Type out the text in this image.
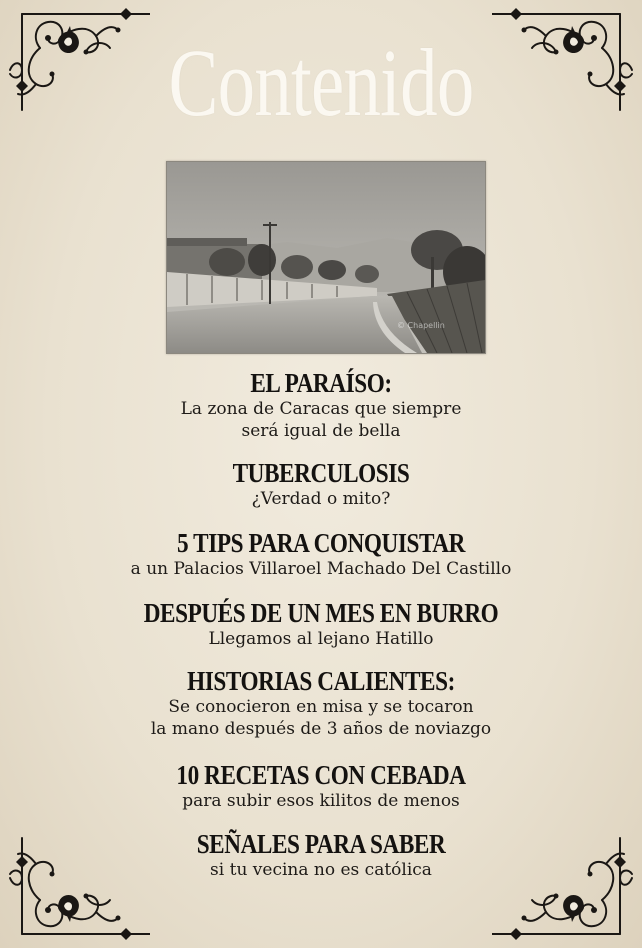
Contenido
© Chapellin
EL PARAÍSO:
La zona de Caracas que siempre
será igual de bella
TUBERCULOSIS
¿Verdad o mito?
5 TIPS PARA CONQUISTAR
a un Palacios Villaroel Machado Del Castillo
DESPUÉS DE UN MES EN BURRO
Llegamos al lejano Hatillo
HISTORIAS CALIENTES:
Se conocieron en misa y se tocaron
la mano después de 3 años de noviazgo
10 RECETAS CON CEBADA
para subir esos kilitos de menos
SEÑALES PARA SABER
si tu vecina no es católica
